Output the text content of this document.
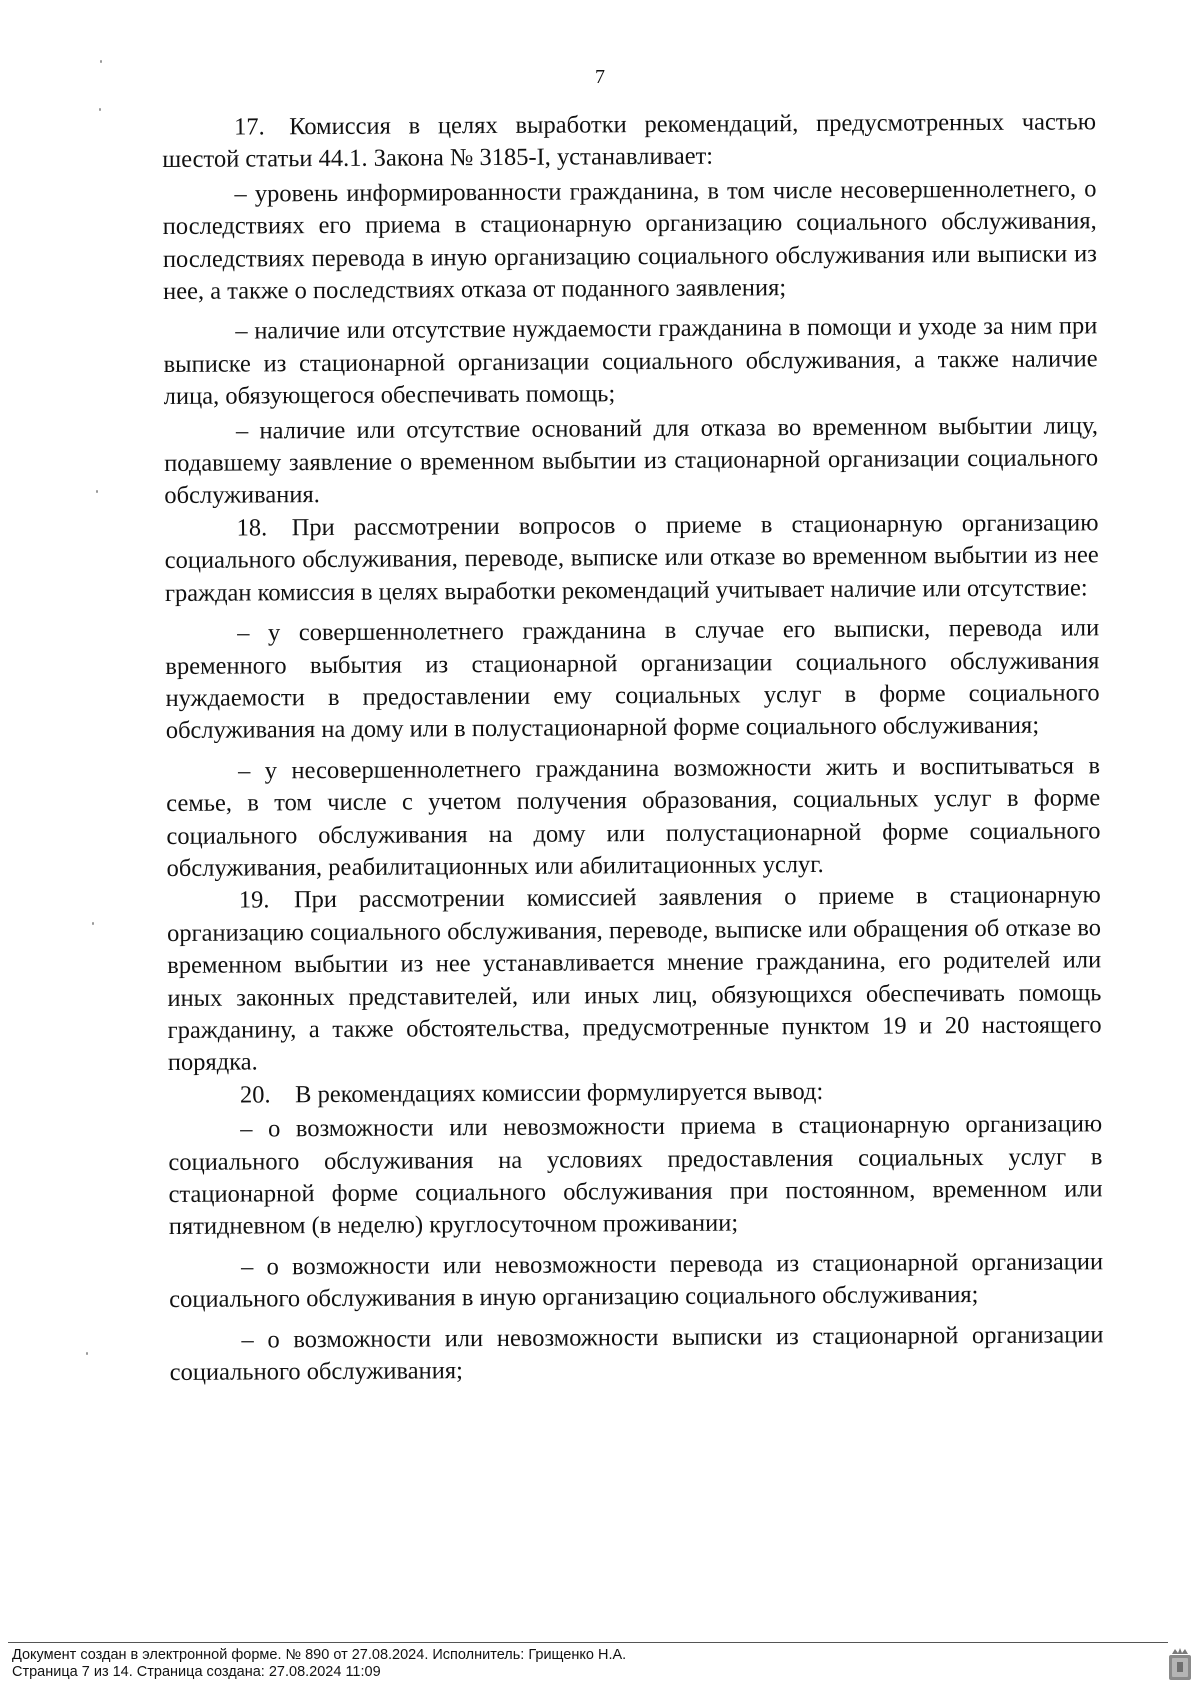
7

17. Комиссия в целях выработки рекомендаций, предусмотренных частью шестой статьи 44.1. Закона № 3185-I, устанавливает:

– уровень информированности гражданина, в том числе несовершеннолетнего, о последствиях его приема в стационарную организацию социального обслуживания, последствиях перевода в иную организацию социального обслуживания или выписки из нее, а также о последствиях отказа от поданного заявления;

– наличие или отсутствие нуждаемости гражданина в помощи и уходе за ним при выписке из стационарной организации социального обслуживания, а также наличие лица, обязующегося обеспечивать помощь;

– наличие или отсутствие оснований для отказа во временном выбытии лицу, подавшему заявление о временном выбытии из стационарной организации социального обслуживания.

18. При рассмотрении вопросов о приеме в стационарную организацию социального обслуживания, переводе, выписке или отказе во временном выбытии из нее граждан комиссия в целях выработки рекомендаций учитывает наличие или отсутствие:

– у совершеннолетнего гражданина в случае его выписки, перевода или временного выбытия из стационарной организации социального обслуживания нуждаемости в предоставлении ему социальных услуг в форме социального обслуживания на дому или в полустационарной форме социального обслуживания;

– у несовершеннолетнего гражданина возможности жить и воспитываться в семье, в том числе с учетом получения образования, социальных услуг в форме социального обслуживания на дому или полустационарной форме социального обслуживания, реабилитационных или абилитационных услуг.

19. При рассмотрении комиссией заявления о приеме в стационарную организацию социального обслуживания, переводе, выписке или обращения об отказе во временном выбытии из нее устанавливается мнение гражданина, его родителей или иных законных представителей, или иных лиц, обязующихся обеспечивать помощь гражданину, а также обстоятельства, предусмотренные пунктом 19 и 20 настоящего порядка.

20. В рекомендациях комиссии формулируется вывод:

– о возможности или невозможности приема в стационарную организацию социального обслуживания на условиях предоставления социальных услуг в стационарной форме социального обслуживания при постоянном, временном или пятидневном (в неделю) круглосуточном проживании;

– о возможности или невозможности перевода из стационарной организации социального обслуживания в иную организацию социального обслуживания;

– о возможности или невозможности выписки из стационарной организации социального обслуживания;

Документ создан в электронной форме. № 890 от 27.08.2024. Исполнитель: Грищенко Н.А.
Страница 7 из 14. Страница создана: 27.08.2024 11:09
